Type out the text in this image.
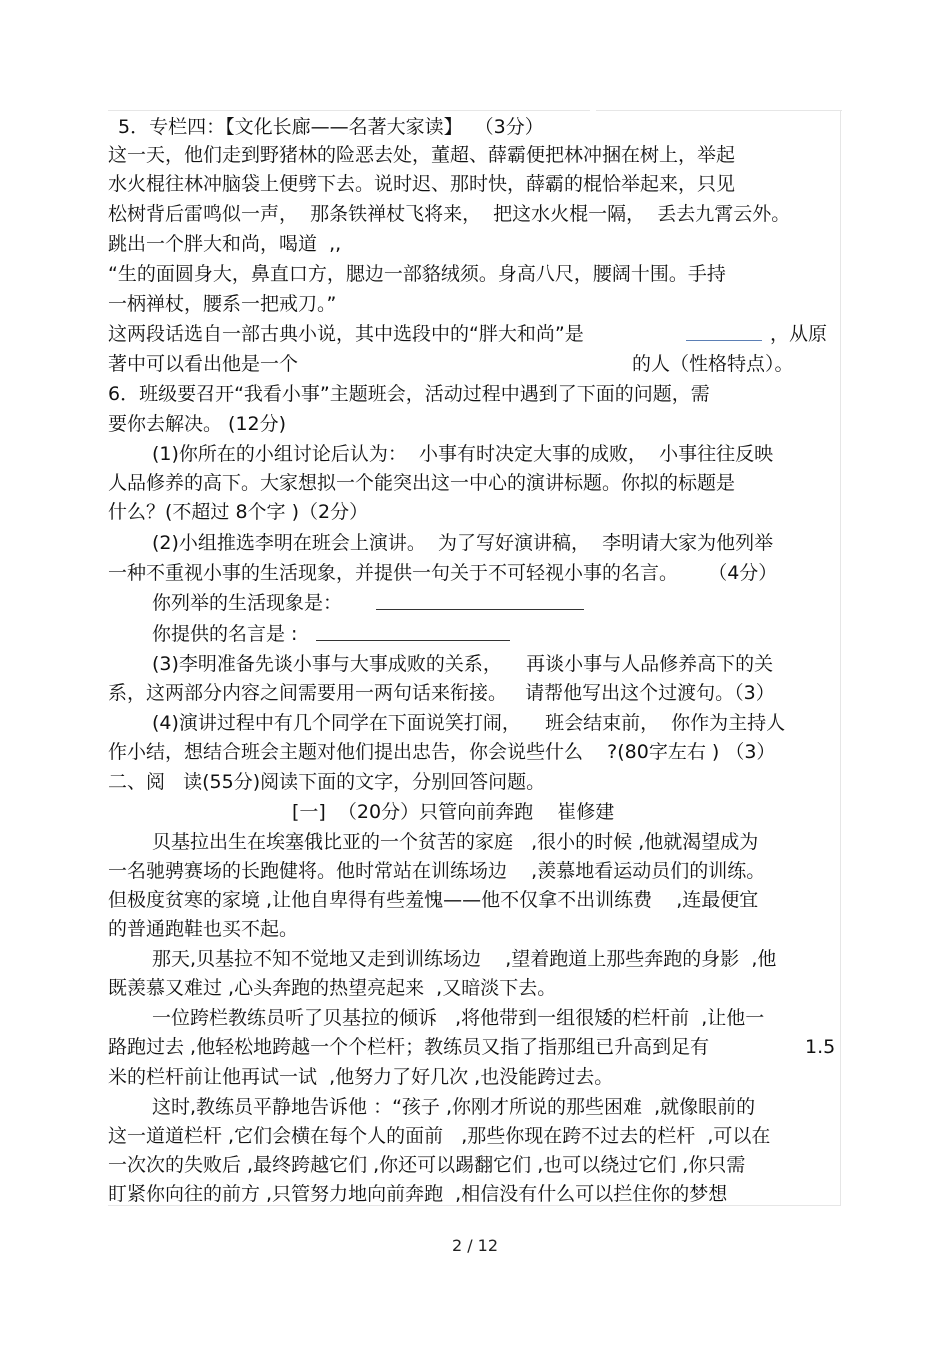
5．专栏四：【文化长廊——名著大家读】  （3分）
这一天，他们走到野猪林的险恶去处，董超、薛霸便把林冲捆在树上，举起
水火棍往林冲脑袋上便劈下去。说时迟、那时快，薛霸的棍恰举起来，只见
松树背后雷鸣似一声，  那条铁禅杖飞将来，  把这水火棍一隔，  丢去九霄云外。
跳出一个胖大和尚，喝道  ,,
“生的面圆身大，鼻直口方，腮边一部貉绒须。身高八尺，腰阔十围。手持
一柄禅杖，腰系一把戒刀。”
这两段话选自一部古典小说，其中选段中的“胖大和尚”是	，从原
著中可以看出他是一个	的人（性格特点）。
6．班级要召开“我看小事”主题班会，活动过程中遇到了下面的问题，需
要你去解决。 (12分)
(1)你所在的小组讨论后认为：  小事有时决定大事的成败，  小事往往反映
人品修养的高下。大家想拟一个能突出这一中心的演讲标题。你拟的标题是
什么？(不超过 8个字 )（2分）
(2)小组推选李明在班会上演讲。  为了写好演讲稿，  李明请大家为他列举
一种不重视小事的生活现象，并提供一句关于不可轻视小事的名言。     （4分）
你列举的生活现象是：
你提供的名言是 :
(3)李明准备先谈小事与大事成败的关系，    再谈小事与人品修养高下的关
系，这两部分内容之间需要用一两句话来衔接。   请帮他写出这个过渡句。（3）
(4)演讲过程中有几个同学在下面说笑打闹，    班会结束前，  你作为主持人
作小结，想结合班会主题对他们提出忠告，你会说些什么    ?(80字左右 ) （3）
二、阅   读(55分)阅读下面的文字，分别回答问题。
[一]  （20分）只管向前奔跑    崔修建
贝基拉出生在埃塞俄比亚的一个贫苦的家庭   ,很小的时候 ,他就渴望成为
一名驰骋赛场的长跑健将。他时常站在训练场边    ,羡慕地看运动员们的训练。
但极度贫寒的家境 ,让他自卑得有些羞愧——他不仅拿不出训练费    ,连最便宜
的普通跑鞋也买不起。
那天,贝基拉不知不觉地又走到训练场边    ,望着跑道上那些奔跑的身影  ,他
既羡慕又难过 ,心头奔跑的热望亮起来  ,又暗淡下去。
一位跨栏教练员听了贝基拉的倾诉   ,将他带到一组很矮的栏杆前  ,让他一
路跑过去 ,他轻松地跨越一个个栏杆；教练员又指了指那组已升高到足有	1.5
米的栏杆前让他再试一试  ,他努力了好几次 ,也没能跨过去。
这时,教练员平静地告诉他 ：“孩子 ,你刚才所说的那些困难  ,就像眼前的
这一道道栏杆 ,它们会横在每个人的面前   ,那些你现在跨不过去的栏杆  ,可以在
一次次的失败后 ,最终跨越它们 ,你还可以踢翻它们 ,也可以绕过它们 ,你只需
盯紧你向往的前方 ,只管努力地向前奔跑  ,相信没有什么可以拦住你的梦想
2 / 12
